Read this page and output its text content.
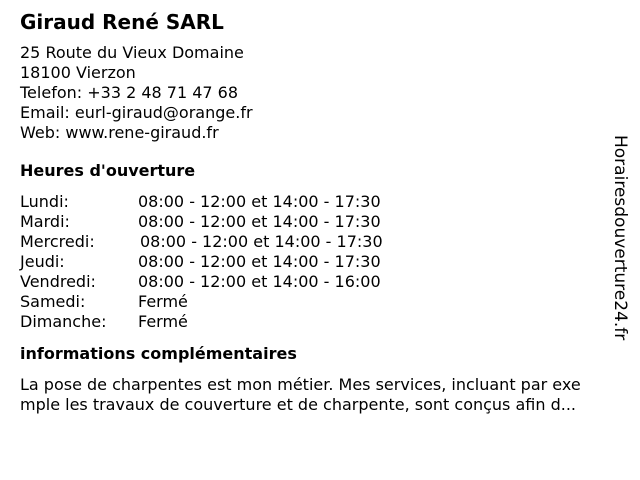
Giraud René SARL
25 Route du Vieux Domaine
18100 Vierzon
Telefon: +33 2 48 71 47 68
Email: eurl-giraud@orange.fr
Web: www.rene-giraud.fr
Heures d'ouverture
Lundi:	08:00 - 12:00 et 14:00 - 17:30
Mardi:	08:00 - 12:00 et 14:00 - 17:30
Mercredi:	08:00 - 12:00 et 14:00 - 17:30
Jeudi:	08:00 - 12:00 et 14:00 - 17:30
Vendredi:	08:00 - 12:00 et 14:00 - 16:00
Samedi:	Fermé
Dimanche:	Fermé
informations complémentaires
La pose de charpentes est mon métier. Mes services, incluant par exe
mple les travaux de couverture et de charpente, sont conçus afin d...
Horairesdouverture24.fr
